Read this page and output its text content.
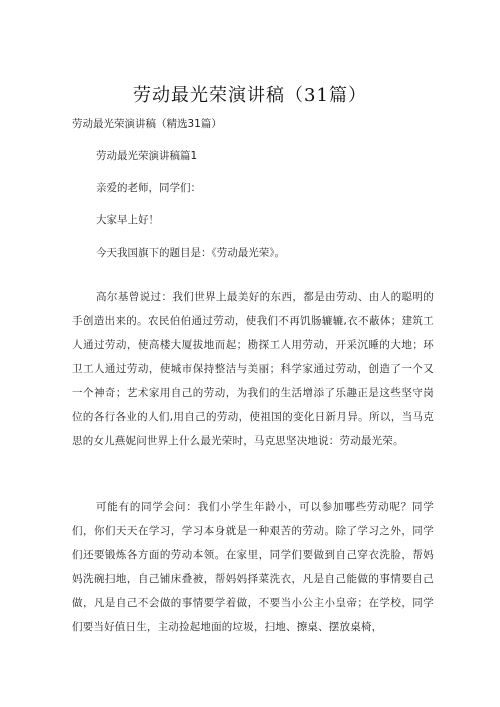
劳动最光荣演讲稿（31篇）
劳动最光荣演讲稿（精选31篇）
劳动最光荣演讲稿篇1
亲爱的老师，同学们：
大家早上好！
今天我国旗下的题目是：《劳动最光荣》。
高尔基曾说过：我们世界上最美好的东西，都是由劳动、由人的聪明的手创造出来的。农民伯伯通过劳动，使我们不再饥肠辘辘,衣不蔽体；建筑工人通过劳动，使高楼大厦拔地而起；勘探工人用劳动，开采沉睡的大地；环卫工人通过劳动，使城市保持整洁与美丽；科学家通过劳动，创造了一个又一个神奇；艺术家用自己的劳动，为我们的生活增添了乐趣正是这些坚守岗位的各行各业的人们,用自己的劳动，使祖国的变化日新月异。所以，当马克思的女儿燕妮问世界上什么最光荣时，马克思坚决地说：劳动最光荣。
可能有的同学会问：我们小学生年龄小，可以参加哪些劳动呢？同学们，你们天天在学习，学习本身就是一种艰苦的劳动。除了学习之外，同学们还要锻炼各方面的劳动本领。在家里，同学们要做到自己穿衣洗脸，帮妈妈洗碗扫地，自己铺床叠被，帮妈妈择菜洗衣，凡是自己能做的事情要自己做，凡是自己不会做的事情要学着做，不要当小公主小皇帝；在学校，同学们要当好值日生，主动捡起地面的垃圾，扫地、擦桌、摆放桌椅，
